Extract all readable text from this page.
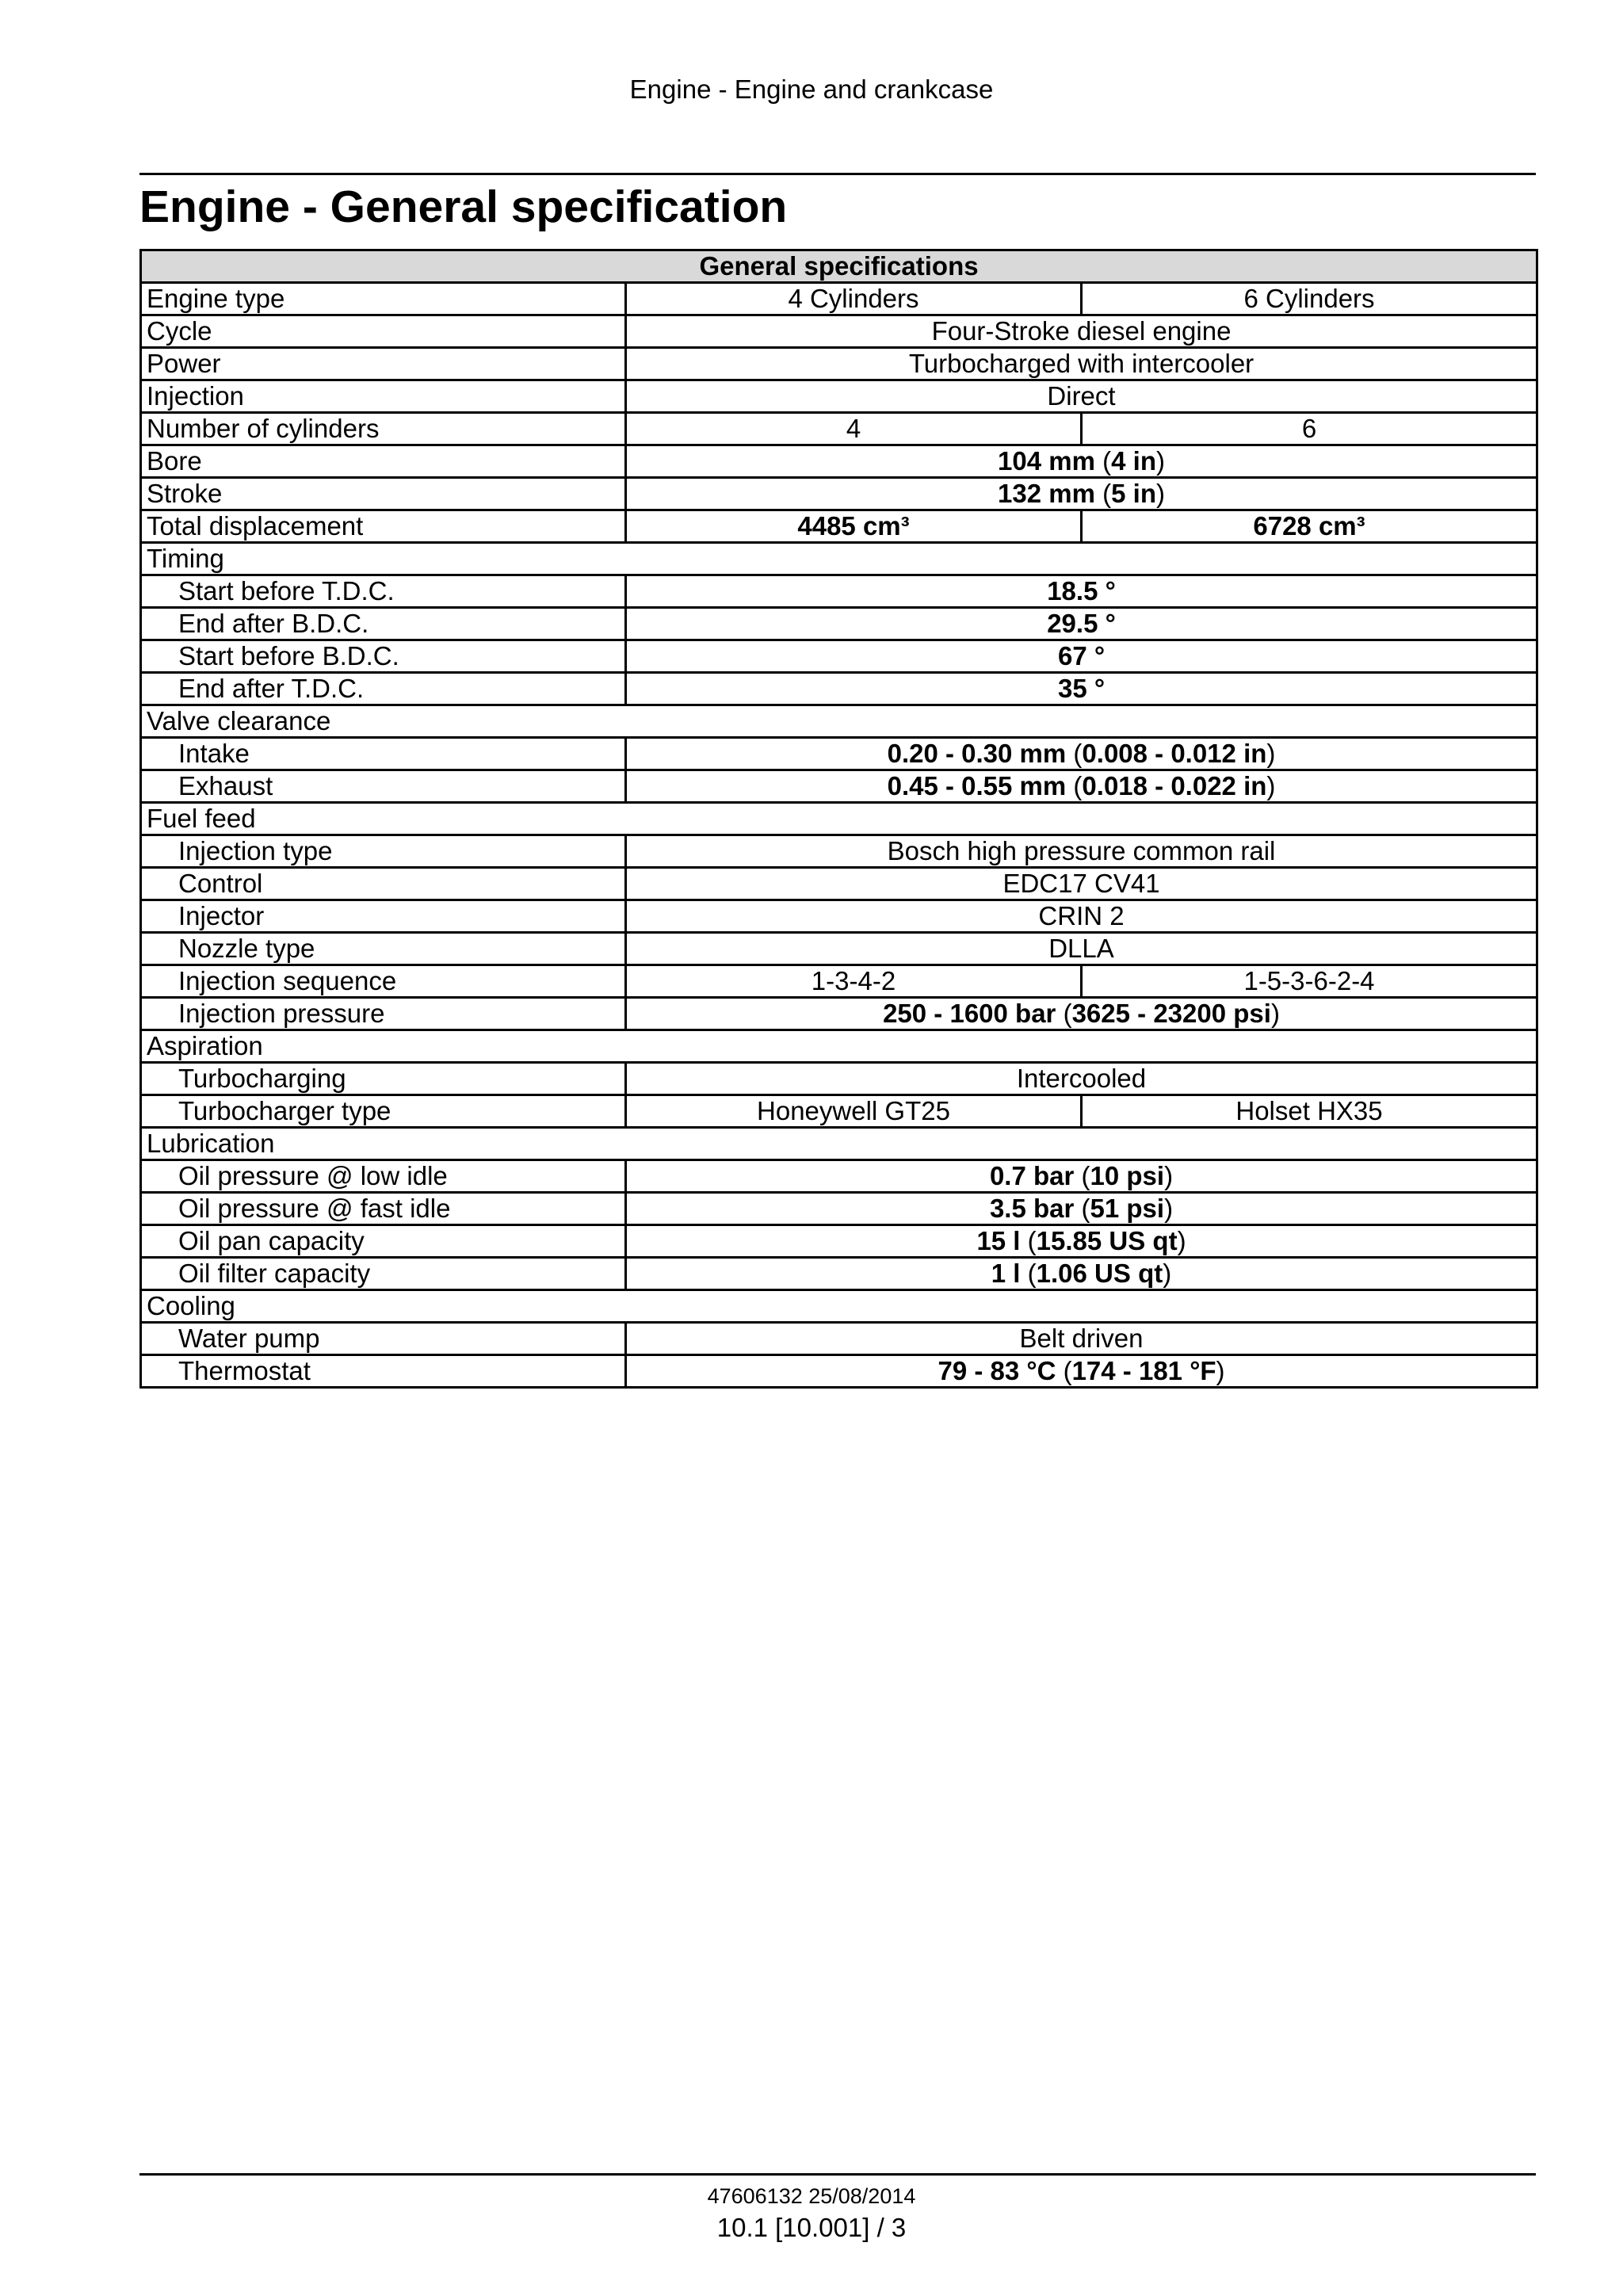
Engine - Engine and crankcase
Engine - General specification
General specifications		
Engine type	4 Cylinders	6 Cylinders
Cycle	Four-Stroke diesel engine	
Power	Turbocharged with intercooler	
Injection	Direct	
Number of cylinders	4	6
Bore	104 mm (4 in)	
Stroke	132 mm (5 in)	
Total displacement	4485 cm³	6728 cm³
Timing		
Start before T.D.C.	18.5 °	
End after B.D.C.	29.5 °	
Start before B.D.C.	67 °	
End after T.D.C.	35 °	
Valve clearance		
Intake	0.20 - 0.30 mm (0.008 - 0.012 in)	
Exhaust	0.45 - 0.55 mm (0.018 - 0.022 in)	
Fuel feed		
Injection type	Bosch high pressure common rail	
Control	EDC17 CV41	
Injector	CRIN 2	
Nozzle type	DLLA	
Injection sequence	1-3-4-2	1-5-3-6-2-4
Injection pressure	250 - 1600 bar (3625 - 23200 psi)	
Aspiration		
Turbocharging	Intercooled	
Turbocharger type	Honeywell GT25	Holset HX35
Lubrication		
Oil pressure @ low idle	0.7 bar (10 psi)	
Oil pressure @ fast idle	3.5 bar (51 psi)	
Oil pan capacity	15 l (15.85 US qt)	
Oil filter capacity	1 l (1.06 US qt)	
Cooling		
Water pump	Belt driven	
Thermostat	79 - 83 °C (174 - 181 °F)	
47606132 25/08/2014
10.1 [10.001] / 3
